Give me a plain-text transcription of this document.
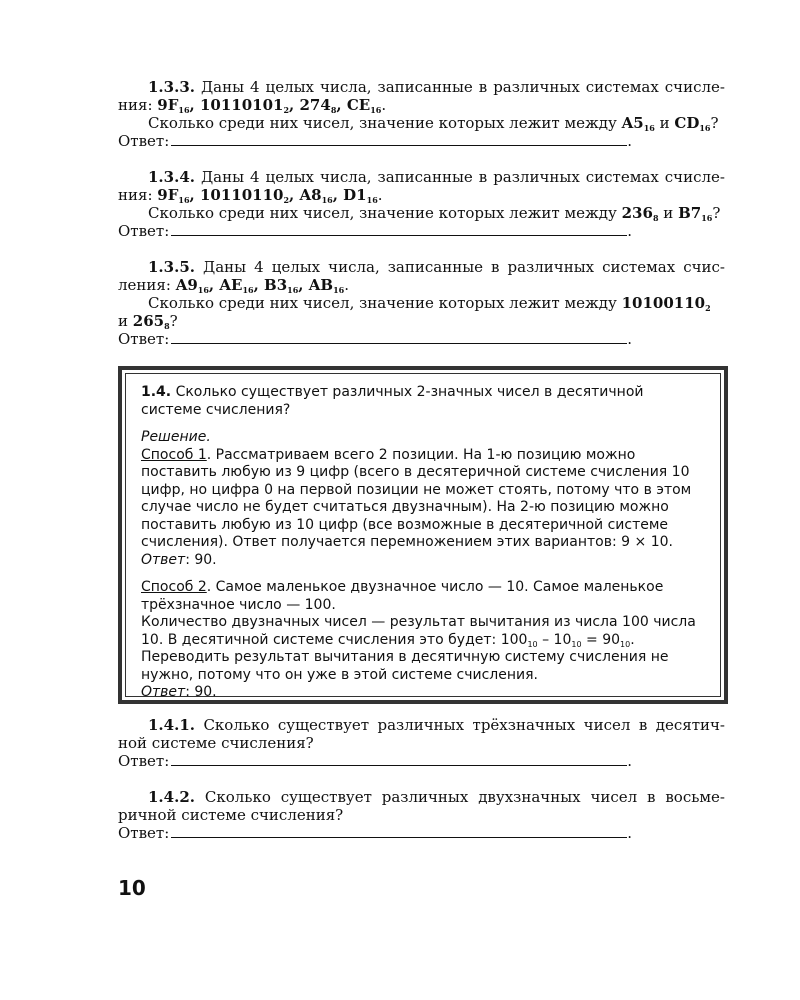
1.3.3. Даны 4 целых числа, записанные в различных системах счисле-

ния: $9F_{16}$, $10110101_2$, $274_8$, $CE_{16}$.

Сколько среди них чисел, значение которых лежит между $A5_{16}$ и $CD_{16}$?

Ответ:	.

1.3.4. Даны 4 целых числа, записанные в различных системах счисле-

ния: $9F_{16}$, $10110110_2$, $A8_{16}$, $D1_{16}$.

Сколько среди них чисел, значение которых лежит между $236_8$ и $B7_{16}$?

Ответ:	.

1.3.5. Даны 4 целых числа, записанные в различных системах счис-

ления: $A9_{16}$, $AE_{16}$, $B3_{16}$, $AB_{16}$.

Сколько среди них чисел, значение которых лежит между $10100110_2$

и $265_8$?

Ответ:	.

1.4. Сколько существует различных 2-значных чисел в десятичной системе счисления?

Решение.

Способ 1. Рассматриваем всего 2 позиции. На 1-ю позицию можно поставить любую из 9 цифр (всего в десятеричной системе счисления 10 цифр, но цифра 0 на первой позиции не может стоять, потому что в этом случае число не будет считаться двузначным). На 2-ю позицию можно поставить любую из 10 цифр (все возможные в десятеричной системе счисления). Ответ получается перемножением этих вариантов: 9 × 10.

Ответ: 90.

Способ 2. Самое маленькое двузначное число — 10. Самое маленькое трёхзначное число — 100.

Количество двузначных чисел — результат вычитания из числа 100 числа 10. В десятичной системе счисления это будет: $100_{10} - 10_{10} = 90_{10}$. Переводить результат вычитания в десятичную систему счисления не нужно, потому что он уже в этой системе счисления.

Ответ: 90.

1.4.1. Сколько существует различных трёхзначных чисел в десятич-

ной системе счисления?

Ответ:	.

1.4.2. Сколько существует различных двухзначных чисел в восьме-

ричной системе счисления?

Ответ:	.

10
